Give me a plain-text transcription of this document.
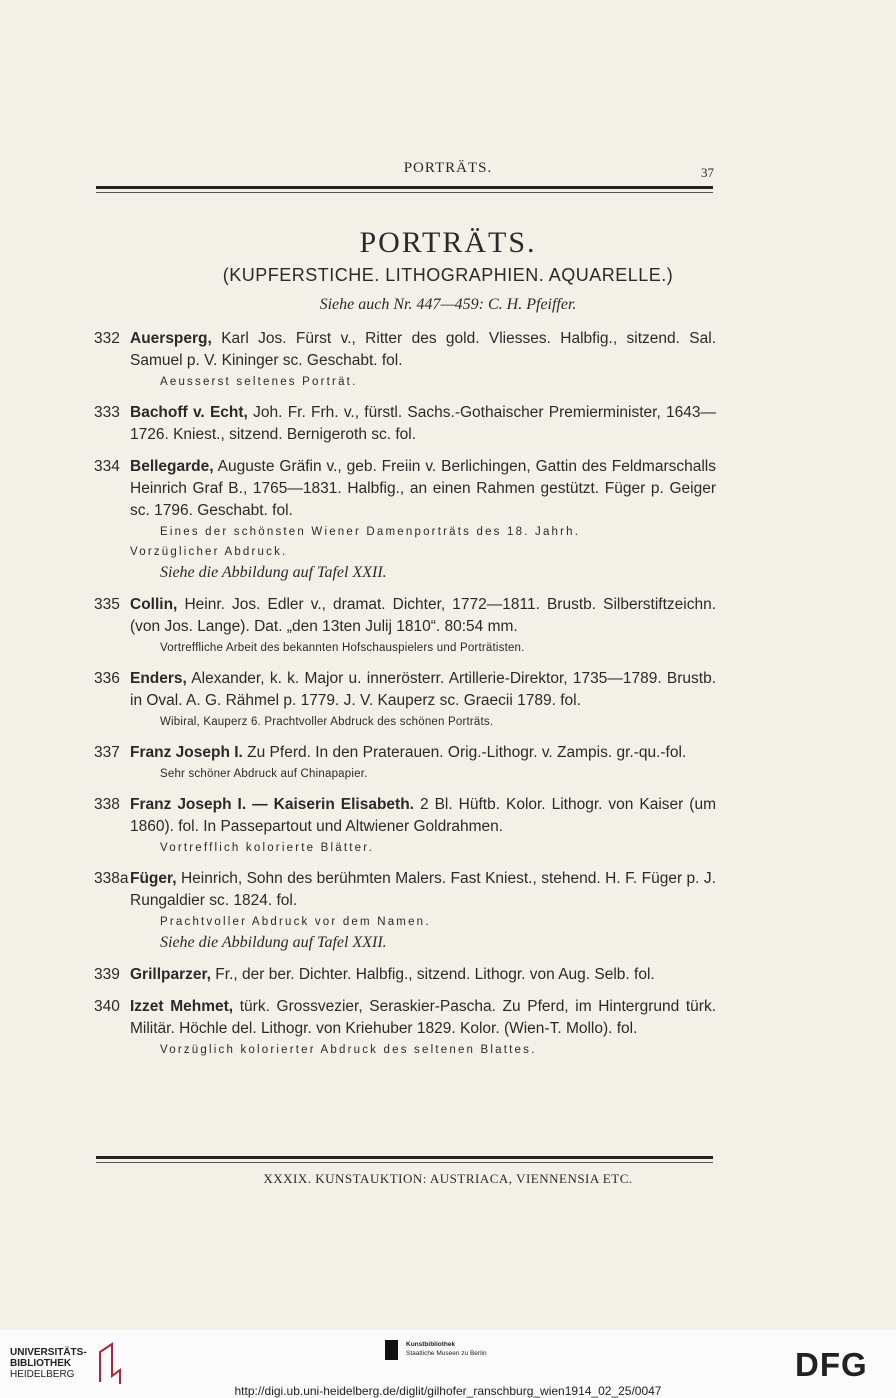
PORTRÄTS.	37
PORTRÄTS.
(KUPFERSTICHE. LITHOGRAPHIEN. AQUARELLE.)
Siehe auch Nr. 447—459: C. H. Pfeiffer.
332 Auersperg, Karl Jos. Fürst v., Ritter des gold. Vliesses. Halbfig., sitzend. Sal. Samuel p. V. Kininger sc. Geschabt. fol.
Aeusserst seltenes Porträt.
333 Bachoff v. Echt, Joh. Fr. Frh. v., fürstl. Sachs.-Gothaischer Premierminister, 1643—1726. Kniest., sitzend. Bernigeroth sc. fol.
334 Bellegarde, Auguste Gräfin v., geb. Freiin v. Berlichingen, Gattin des Feldmarschalls Heinrich Graf B., 1765—1831. Halbfig., an einen Rahmen gestützt. Füger p. Geiger sc. 1796. Geschabt. fol.
Eines der schönsten Wiener Damenporträts des 18. Jahrh.
Vorzüglicher Abdruck.
Siehe die Abbildung auf Tafel XXII.
335 Collin, Heinr. Jos. Edler v., dramat. Dichter, 1772—1811. Brustb. Silberstiftzeichn. (von Jos. Lange). Dat. „den 13ten Julij 1810“. 80:54 mm.
Vortreffliche Arbeit des bekannten Hofschauspielers und Porträtisten.
336 Enders, Alexander, k. k. Major u. innerösterr. Artillerie-Direktor, 1735—1789. Brustb. in Oval. A. G. Rähmel p. 1779. J. V. Kauperz sc. Graecii 1789. fol.
Wibiral, Kauperz 6. Prachtvoller Abdruck des schönen Porträts.
337 Franz Joseph I. Zu Pferd. In den Praterauen. Orig.-Lithogr. v. Zampis. gr.-qu.-fol.
Sehr schöner Abdruck auf Chinapapier.
338 Franz Joseph I. — Kaiserin Elisabeth. 2 Bl. Hüftb. Kolor. Lithogr. von Kaiser (um 1860). fol. In Passepartout und Altwiener Goldrahmen.
Vortrefflich kolorierte Blätter.
338a Füger, Heinrich, Sohn des berühmten Malers. Fast Kniest., stehend. H. F. Füger p. J. Rungaldier sc. 1824. fol.
Prachtvoller Abdruck vor dem Namen.
Siehe die Abbildung auf Tafel XXII.
339 Grillparzer, Fr., der ber. Dichter. Halbfig., sitzend. Lithogr. von Aug. Selb. fol.
340 Izzet Mehmet, türk. Grossvezier, Seraskier-Pascha. Zu Pferd, im Hintergrund türk. Militär. Höchle del. Lithogr. von Kriehuber 1829. Kolor. (Wien-T. Mollo). fol.
Vorzüglich kolorierter Abdruck des seltenen Blattes.
XXXIX. KUNSTAUKTION: AUSTRIACA, VIENNENSIA ETC.
UNIVERSITÄTS-
BIBLIOTHEK
HEIDELBERG
Kunstbibliothek
Staatliche Museen zu Berlin	DFG
http://digi.ub.uni-heidelberg.de/diglit/gilhofer_ranschburg_wien1914_02_25/0047
